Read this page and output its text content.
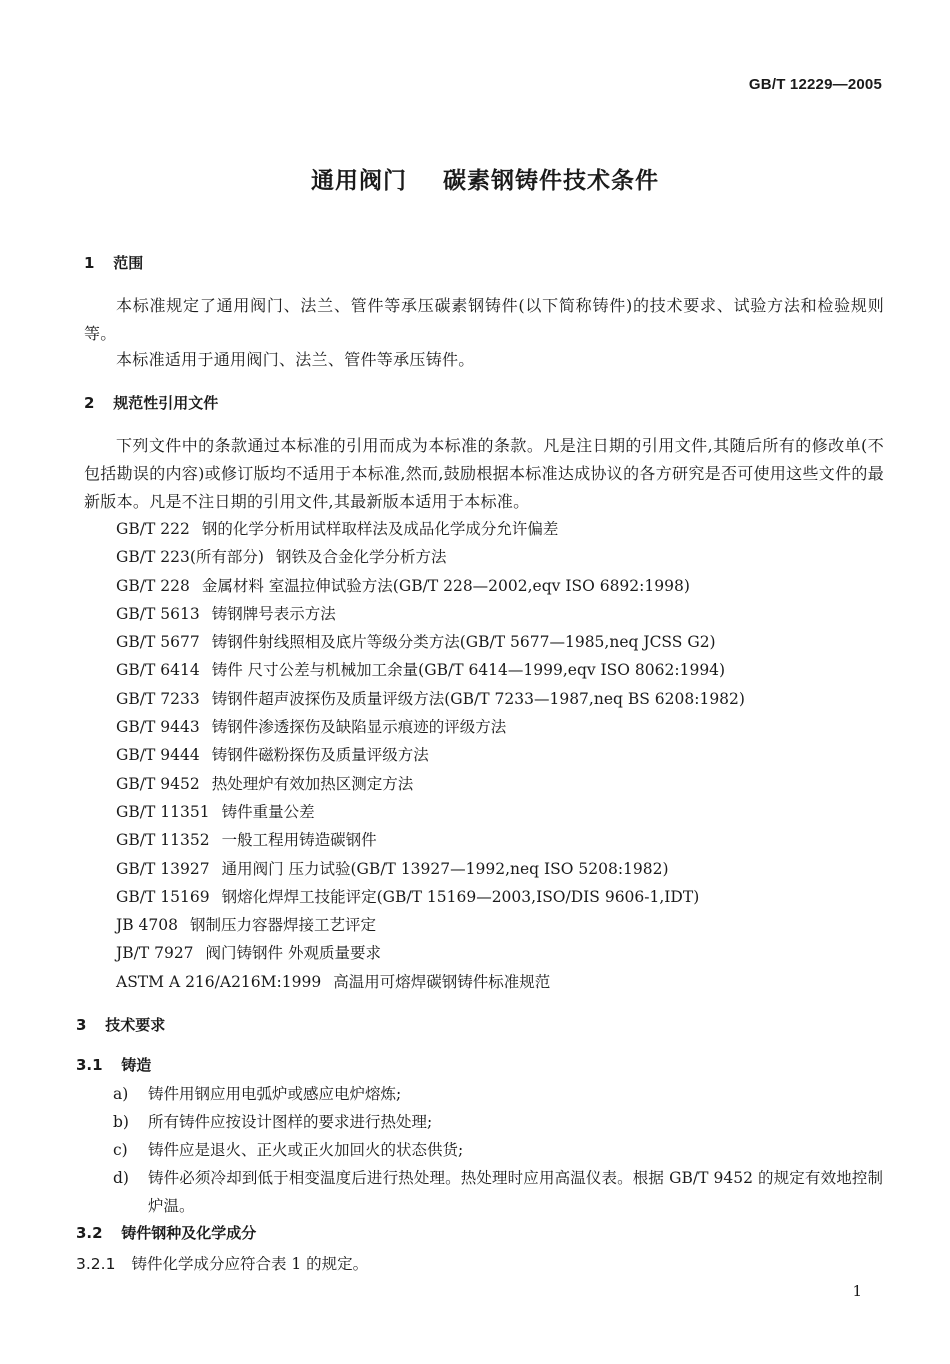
GB/T 12229—2005
通用阀门    碳素钢铸件技术条件
1 范围
本标准规定了通用阀门、法兰、管件等承压碳素钢铸件(以下简称铸件)的技术要求、试验方法和检验规则等。
本标准适用于通用阀门、法兰、管件等承压铸件。
2 规范性引用文件
下列文件中的条款通过本标准的引用而成为本标准的条款。凡是注日期的引用文件,其随后所有的修改单(不包括勘误的内容)或修订版均不适用于本标准,然而,鼓励根据本标准达成协议的各方研究是否可使用这些文件的最新版本。凡是不注日期的引用文件,其最新版本适用于本标准。
GB/T 222 钢的化学分析用试样取样法及成品化学成分允许偏差
GB/T 223(所有部分) 钢铁及合金化学分析方法
GB/T 228 金属材料 室温拉伸试验方法(GB/T 228—2002,eqv ISO 6892:1998)
GB/T 5613 铸钢牌号表示方法
GB/T 5677 铸钢件射线照相及底片等级分类方法(GB/T 5677—1985,neq JCSS G2)
GB/T 6414 铸件 尺寸公差与机械加工余量(GB/T 6414—1999,eqv ISO 8062:1994)
GB/T 7233 铸钢件超声波探伤及质量评级方法(GB/T 7233—1987,neq BS 6208:1982)
GB/T 9443 铸钢件渗透探伤及缺陷显示痕迹的评级方法
GB/T 9444 铸钢件磁粉探伤及质量评级方法
GB/T 9452 热处理炉有效加热区测定方法
GB/T 11351 铸件重量公差
GB/T 11352 一般工程用铸造碳钢件
GB/T 13927 通用阀门 压力试验(GB/T 13927—1992,neq ISO 5208:1982)
GB/T 15169 钢熔化焊焊工技能评定(GB/T 15169—2003,ISO/DIS 9606-1,IDT)
JB 4708 钢制压力容器焊接工艺评定
JB/T 7927 阀门铸钢件 外观质量要求
ASTM A 216/A216M:1999 高温用可熔焊碳钢铸件标准规范
3 技术要求
3.1 铸造
a)	铸件用钢应用电弧炉或感应电炉熔炼;
b)	所有铸件应按设计图样的要求进行热处理;
c)	铸件应是退火、正火或正火加回火的状态供货;
d)	铸件必须冷却到低于相变温度后进行热处理。热处理时应用高温仪表。根据 GB/T 9452 的规定有效地控制炉温。
3.2 铸件钢种及化学成分
3.2.1 铸件化学成分应符合表 1 的规定。
1
